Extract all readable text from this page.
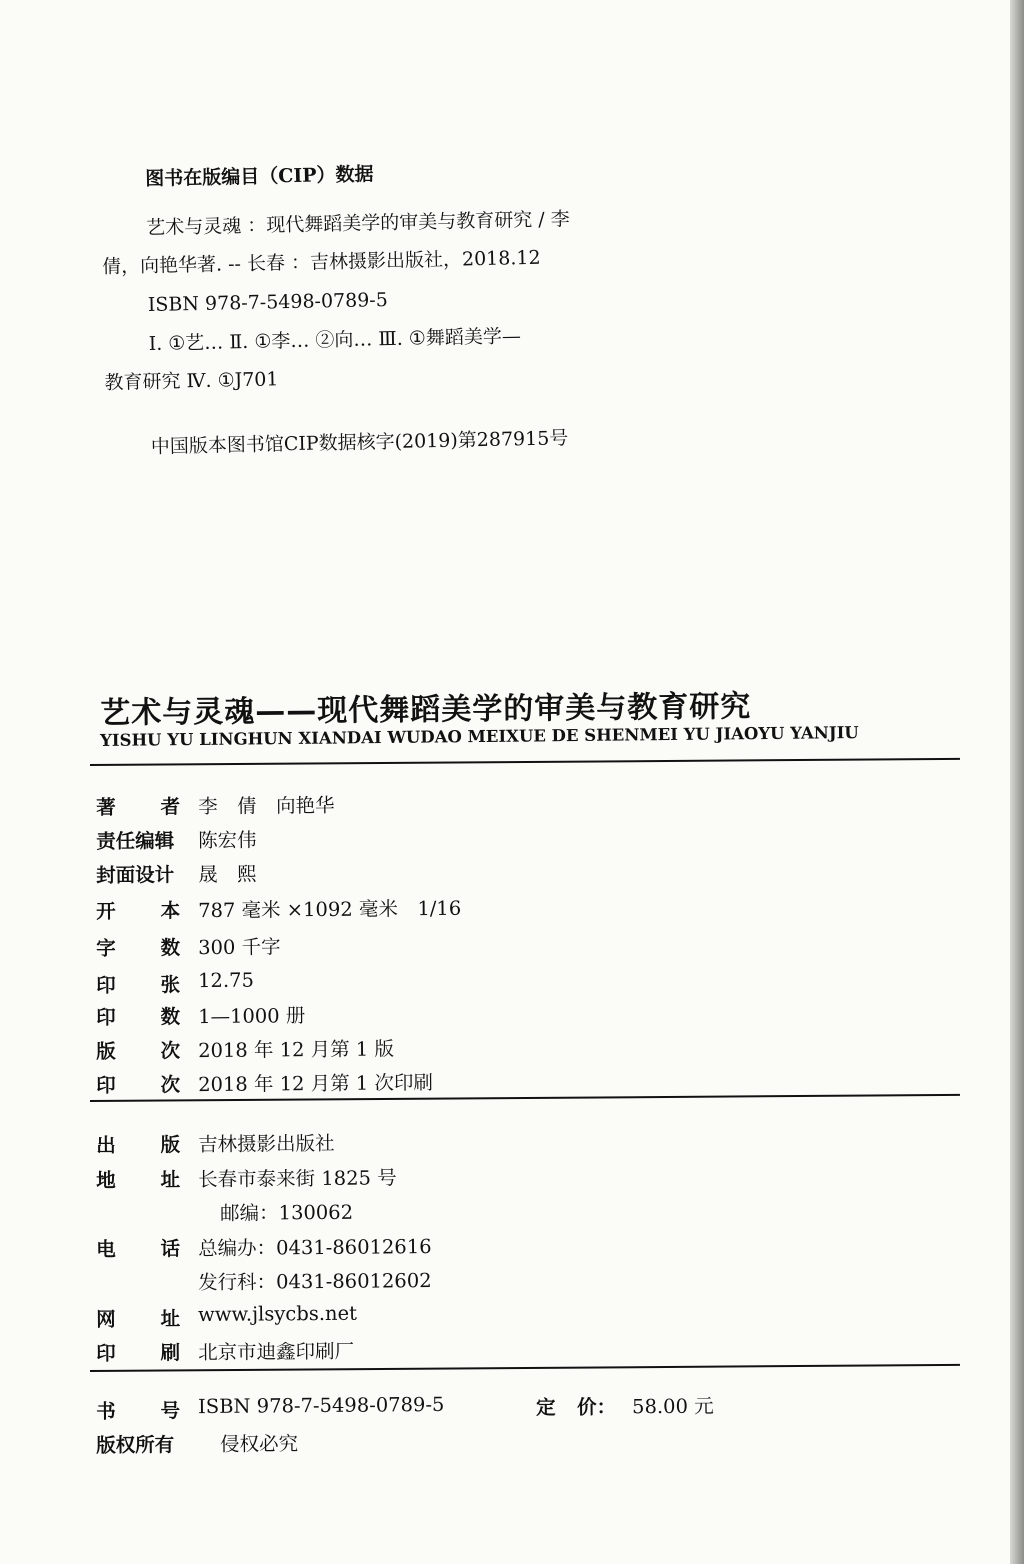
图书在版编目（CIP）数据
艺术与灵魂 ：现代舞蹈美学的审美与教育研究 / 李
倩，向艳华著. -- 长春 ：吉林摄影出版社，2018.12
ISBN 978-7-5498-0789-5
Ⅰ. ①艺… Ⅱ. ①李… ②向… Ⅲ. ①舞蹈美学—
教育研究 Ⅳ. ①J701
中国版本图书馆CIP数据核字(2019)第287915号
艺术与灵魂——现代舞蹈美学的审美与教育研究
YISHU YU LINGHUN XIANDAI WUDAO MEIXUE DE SHENMEI YU JIAOYU YANJIU
著 者 李　倩　向艳华
责任编辑	陈宏伟
封面设计	晟　熙
开 本 787 毫米 ×1092 毫米　1/16
字 数 300 千字
印 张 12.75
印 数 1—1000 册
版 次 2018 年 12 月第 1 版
印 次 2018 年 12 月第 1 次印刷
出 版 吉林摄影出版社
地 址 长春市泰来街 1825 号
邮编：130062
电 话 总编办：0431-86012616
发行科：0431-86012602
网 址 www.jlsycbs.net
印 刷 北京市迪鑫印刷厂
书 号 ISBN 978-7-5498-0789-5	定 价： 58.00 元
版权所有	侵权必究
